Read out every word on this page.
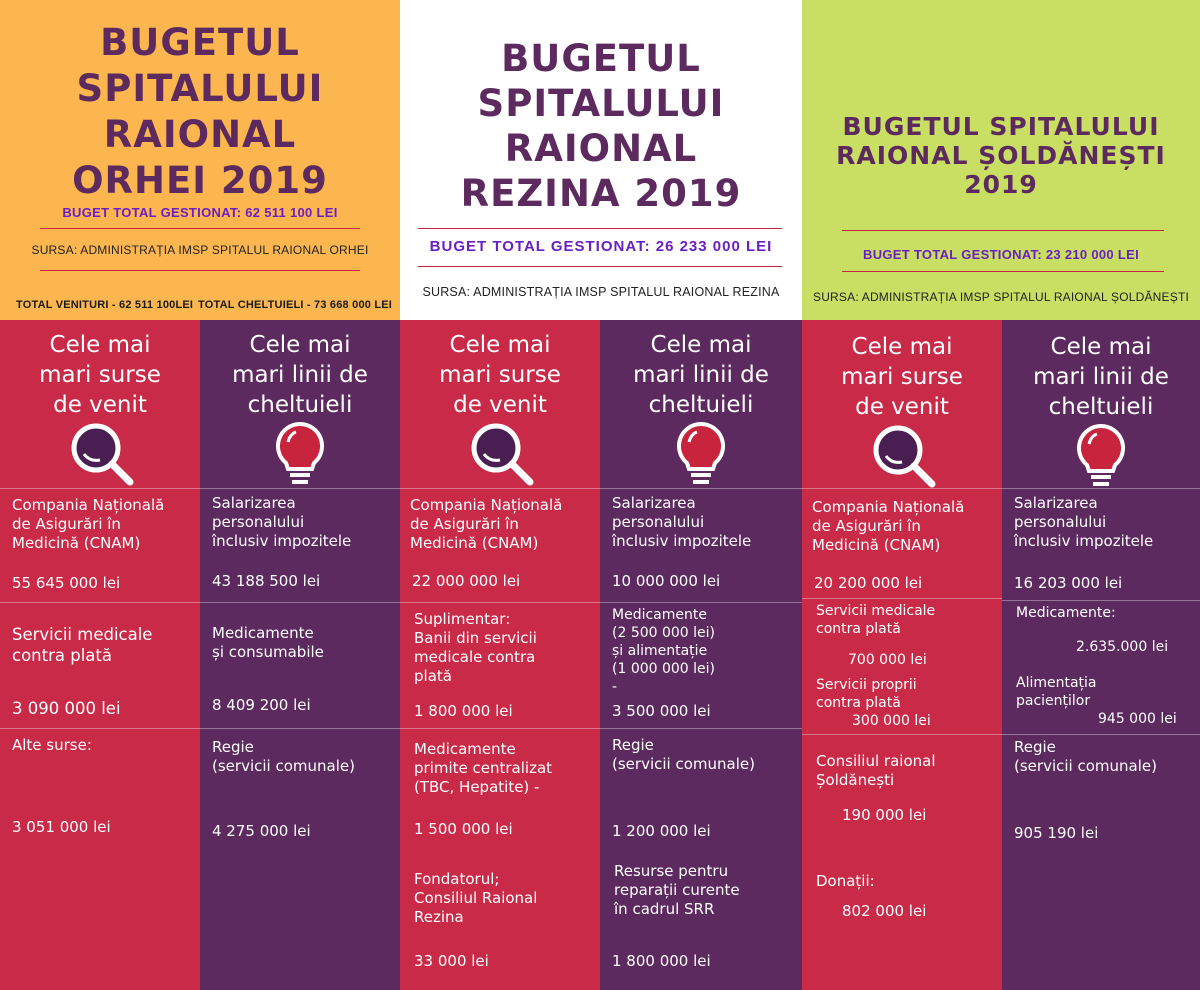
BUGETUL
SPITALULUI
RAIONAL
ORHEI 2019
BUGET TOTAL GESTIONAT: 62 511 100 LEI
SURSA: ADMINISTRAȚIA IMSP SPITALUL RAIONAL ORHEI
TOTAL VENITURI - 62 511 100LEI TOTAL CHELTUIELI - 73 668 000 LEI
BUGETUL
SPITALULUI
RAIONAL
REZINA 2019
BUGET TOTAL GESTIONAT: 26 233 000 LEI
SURSA: ADMINISTRAȚIA IMSP SPITALUL RAIONAL REZINA
BUGETUL SPITALULUI
RAIONAL ȘOLDĂNEȘTI
2019
BUGET TOTAL GESTIONAT: 23 210 000 LEI
SURSA: ADMINISTRAȚIA IMSP SPITALUL RAIONAL ȘOLDĂNEȘTI
Cele mai
mari surse
de venit
Compania Națională
de Asigurări în
Medicină (CNAM)
55 645 000 lei
Servicii medicale
contra plată
3 090 000 lei
Alte surse:
3 051 000 lei
Cele mai
mari linii de
cheltuieli
Salarizarea
personalului
înclusiv impozitele
43 188 500 lei
Medicamente
și consumabile
8 409 200 lei
Regie
(servicii comunale)
4 275 000 lei
Cele mai
mari surse
de venit
Compania Națională
de Asigurări în
Medicină (CNAM)
22 000 000 lei
Suplimentar:
Banii din servicii
medicale contra
plată
1 800 000 lei
Medicamente
primite centralizat
(TBC, Hepatite) -
1 500 000 lei
Fondatorul;
Consiliul Raional
Rezina
33 000 lei
Cele mai
mari linii de
cheltuieli
Salarizarea
personalului
înclusiv impozitele
10 000 000 lei
Medicamente
(2 500 000 lei)
și alimentație
(1 000 000 lei)
-
3 500 000 lei
Regie
(servicii comunale)
1 200 000 lei
Resurse pentru
reparații curente
în cadrul SRR
1 800 000 lei
Cele mai
mari surse
de venit
Compania Națională
de Asigurări în
Medicină (CNAM)
20 200 000 lei
Servicii medicale
contra plată
700 000 lei
Servicii proprii
contra plată
300 000 lei
Consiliul raional
Șoldănești
190 000 lei
Donații:
802 000 lei
Cele mai
mari linii de
cheltuieli
Salarizarea
personalului
înclusiv impozitele
16 203 000 lei
Medicamente:
2.635.000 lei
Alimentația
pacienților
945 000 lei
Regie
(servicii comunale)
905 190 lei
